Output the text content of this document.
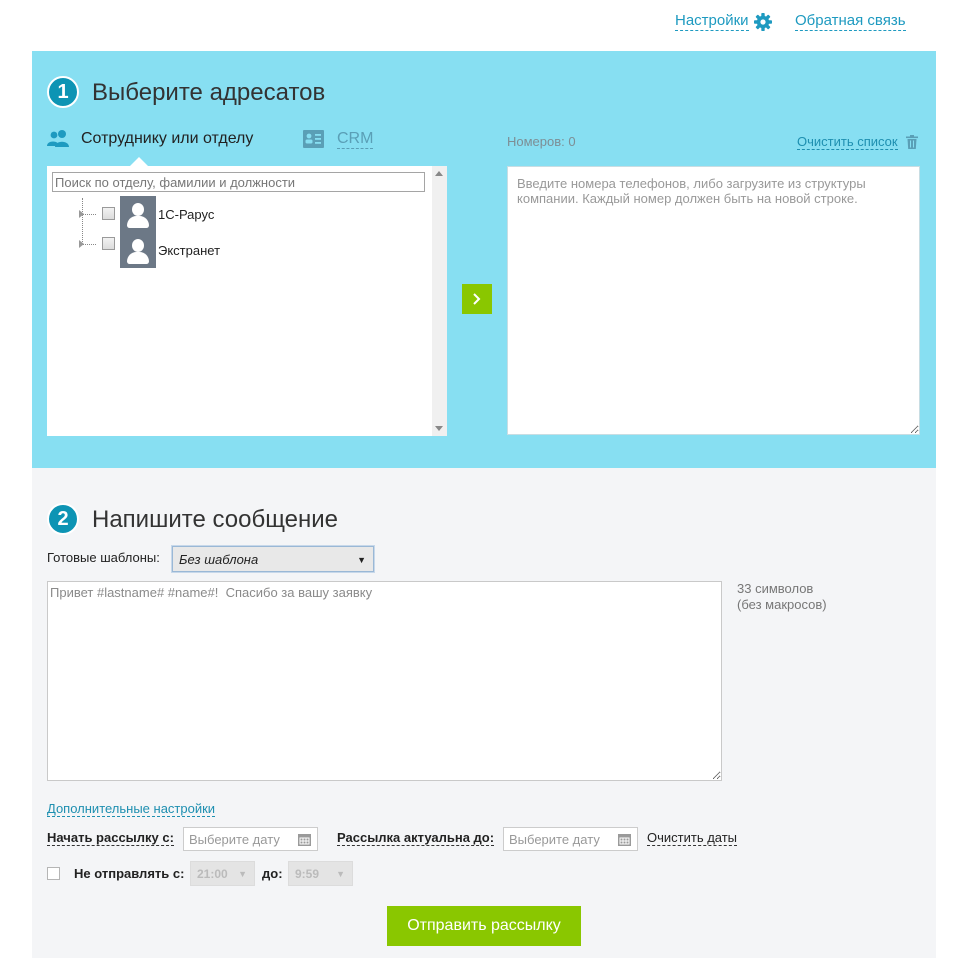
Настройки	Обратная связь
1 Выберите адресатов
Сотруднику или отделу	CRM
Поиск по отделу, фамилии и должности
1С-Рарус
Экстранет
Номеров: 0	Очистить список
Введите номера телефонов, либо загрузите из структуры компании. Каждый номер должен быть на новой строке.
2 Напишите сообщение
Готовые шаблоны: Без шаблона	▼
Привет #lastname# #name#! Спасибо за вашу заявку
33 символов
(без макросов)
Дополнительные настройки
Начать рассылку с: Выберите дату	Рассылка актуальна до: Выберите дату	Очистить даты
Не отправлять с: 21:00 ▼ до: 9:59 ▼
Отправить рассылку
